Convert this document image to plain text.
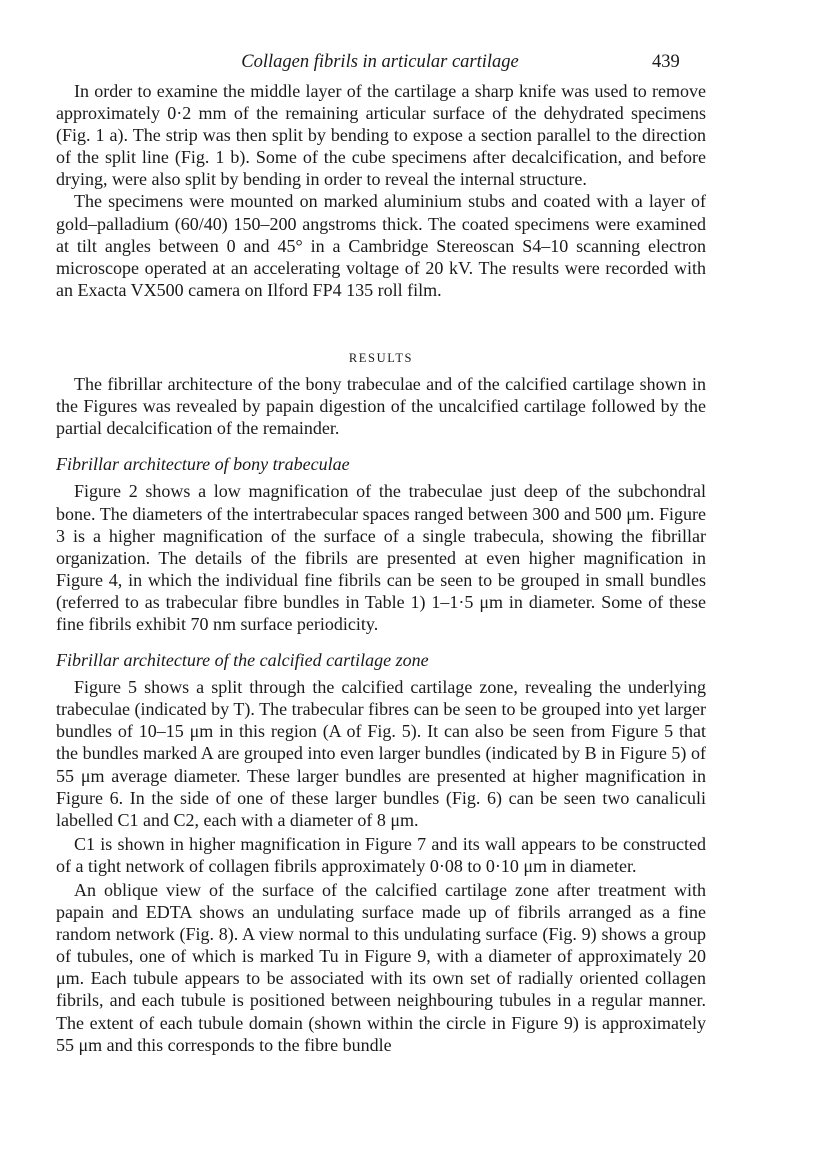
Collagen fibrils in articular cartilage	439

In order to examine the middle layer of the cartilage a sharp knife was used to remove approximately 0·2 mm of the remaining articular surface of the dehydrated specimens (Fig. 1 a). The strip was then split by bending to expose a section parallel to the direction of the split line (Fig. 1 b). Some of the cube specimens after decalcification, and before drying, were also split by bending in order to reveal the internal structure.

The specimens were mounted on marked aluminium stubs and coated with a layer of gold–palladium (60/40) 150–200 angstroms thick. The coated specimens were examined at tilt angles between 0 and 45° in a Cambridge Stereoscan S4–10 scanning electron microscope operated at an accelerating voltage of 20 kV. The results were recorded with an Exacta VX500 camera on Ilford FP4 135 roll film.

RESULTS

The fibrillar architecture of the bony trabeculae and of the calcified cartilage shown in the Figures was revealed by papain digestion of the uncalcified cartilage followed by the partial decalcification of the remainder.

Fibrillar architecture of bony trabeculae

Figure 2 shows a low magnification of the trabeculae just deep of the subchondral bone. The diameters of the intertrabecular spaces ranged between 300 and 500 μm. Figure 3 is a higher magnification of the surface of a single trabecula, showing the fibrillar organization. The details of the fibrils are presented at even higher magnification in Figure 4, in which the individual fine fibrils can be seen to be grouped in small bundles (referred to as trabecular fibre bundles in Table 1) 1–1·5 μm in diameter. Some of these fine fibrils exhibit 70 nm surface periodicity.

Fibrillar architecture of the calcified cartilage zone

Figure 5 shows a split through the calcified cartilage zone, revealing the underlying trabeculae (indicated by T). The trabecular fibres can be seen to be grouped into yet larger bundles of 10–15 μm in this region (A of Fig. 5). It can also be seen from Figure 5 that the bundles marked A are grouped into even larger bundles (indicated by B in Figure 5) of 55 μm average diameter. These larger bundles are presented at higher magnification in Figure 6. In the side of one of these larger bundles (Fig. 6) can be seen two canaliculi labelled C1 and C2, each with a diameter of 8 μm.

C1 is shown in higher magnification in Figure 7 and its wall appears to be constructed of a tight network of collagen fibrils approximately 0·08 to 0·10 μm in diameter.

An oblique view of the surface of the calcified cartilage zone after treatment with papain and EDTA shows an undulating surface made up of fibrils arranged as a fine random network (Fig. 8). A view normal to this undulating surface (Fig. 9) shows a group of tubules, one of which is marked Tu in Figure 9, with a diameter of approximately 20 μm. Each tubule appears to be associated with its own set of radially oriented collagen fibrils, and each tubule is positioned between neighbouring tubules in a regular manner. The extent of each tubule domain (shown within the circle in Figure 9) is approximately 55 μm and this corresponds to the fibre bundle
